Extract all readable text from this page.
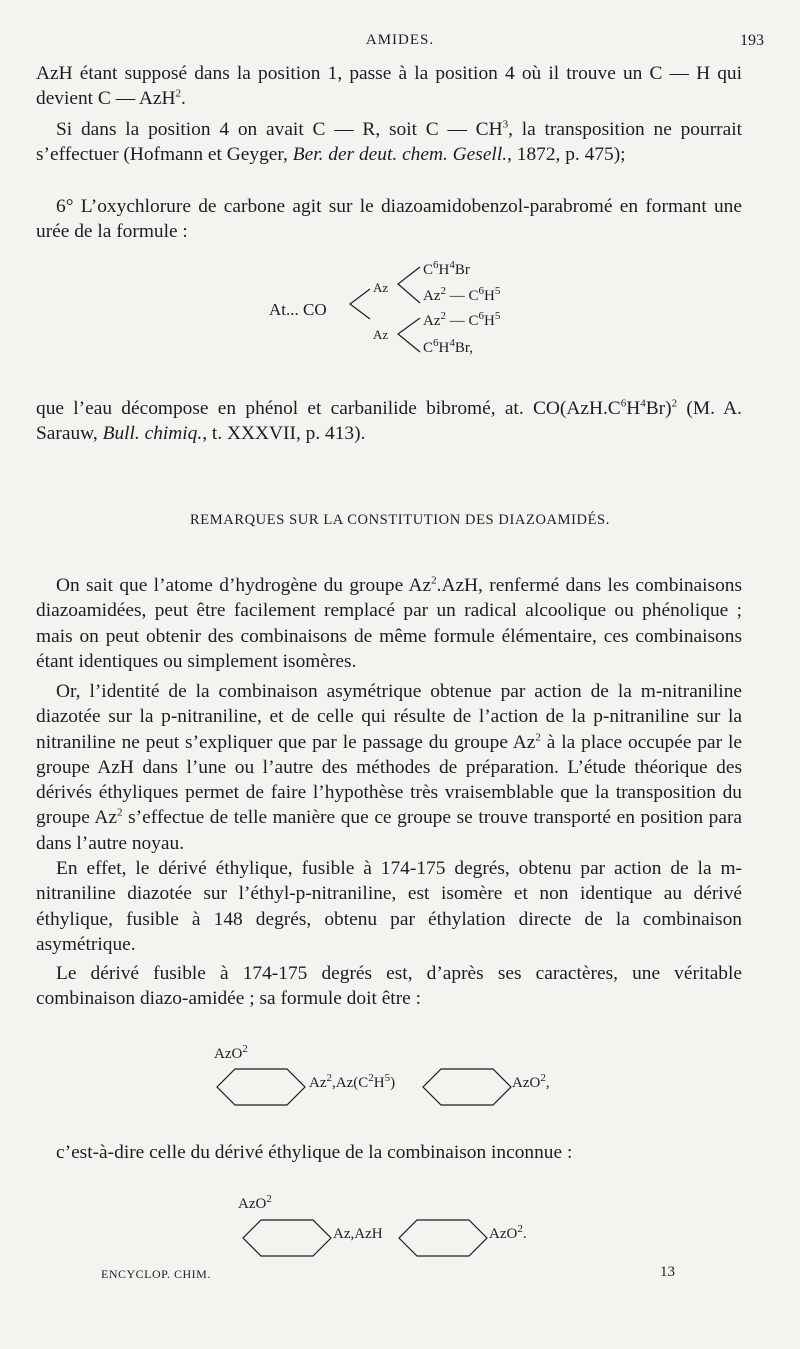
AMIDES.	193

AzH étant supposé dans la position 1, passe à la position 4 où il trouve un C — H qui devient C — AzH$^2$.

Si dans la position 4 on avait C — R, soit C — $CH^3$, la transposition ne pourrait s’effectuer (Hofmann et Geyger, Ber. der deut. chem. Gesell., 1872, p. 475);

6° L’oxychlorure de carbone agit sur le diazoamidobenzol-parabromé en formant une urée de la formule :

At... CO
Az
Az
$C^6H^4Br$
Az$^2$ — $C^6H^5$
Az$^2$ — $C^6H^5$
$C^6H^4Br$,

que l’eau décompose en phénol et carbanilide bibromé, at. $CO(AzH.C^6H^4Br)^2$ (M. A. Sarauw, Bull. chimiq., t. XXXVII, p. 413).

REMARQUES SUR LA CONSTITUTION DES DIAZOAMIDÉS.

On sait que l’atome d’hydrogène du groupe Az$^2$.AzH, renfermé dans les combinaisons diazoamidées, peut être facilement remplacé par un radical alcoolique ou phénolique ; mais on peut obtenir des combinaisons de même formule élémentaire, ces combinaisons étant identiques ou simplement isomères.

Or, l’identité de la combinaison asymétrique obtenue par action de la m-nitraniline diazotée sur la p-nitraniline, et de celle qui résulte de l’action de la p-nitraniline sur la nitraniline ne peut s’expliquer que par le passage du groupe Az$^2$ à la place occupée par le groupe AzH dans l’une ou l’autre des méthodes de préparation. L’étude théorique des dérivés éthyliques permet de faire l’hypothèse très vraisemblable que la transposition du groupe Az$^2$ s’effectue de telle manière que ce groupe se trouve transporté en position para dans l’autre noyau.

En effet, le dérivé éthylique, fusible à 174-175 degrés, obtenu par action de la m-nitraniline diazotée sur l’éthyl-p-nitraniline, est isomère et non identique au dérivé éthylique, fusible à 148 degrés, obtenu par éthylation directe de la combinaison asymétrique.

Le dérivé fusible à 174-175 degrés est, d’après ses caractères, une véritable combinaison diazo-amidée ; sa formule doit être :

AzO$^2$
$Az^2,Az(C^2H^5)$	AzO$^2$,

c’est-à-dire celle du dérivé éthylique de la combinaison inconnue :

AzO$^2$
Az,AzH	AzO$^2$.
ENCYCLOP. CHIM.	13
